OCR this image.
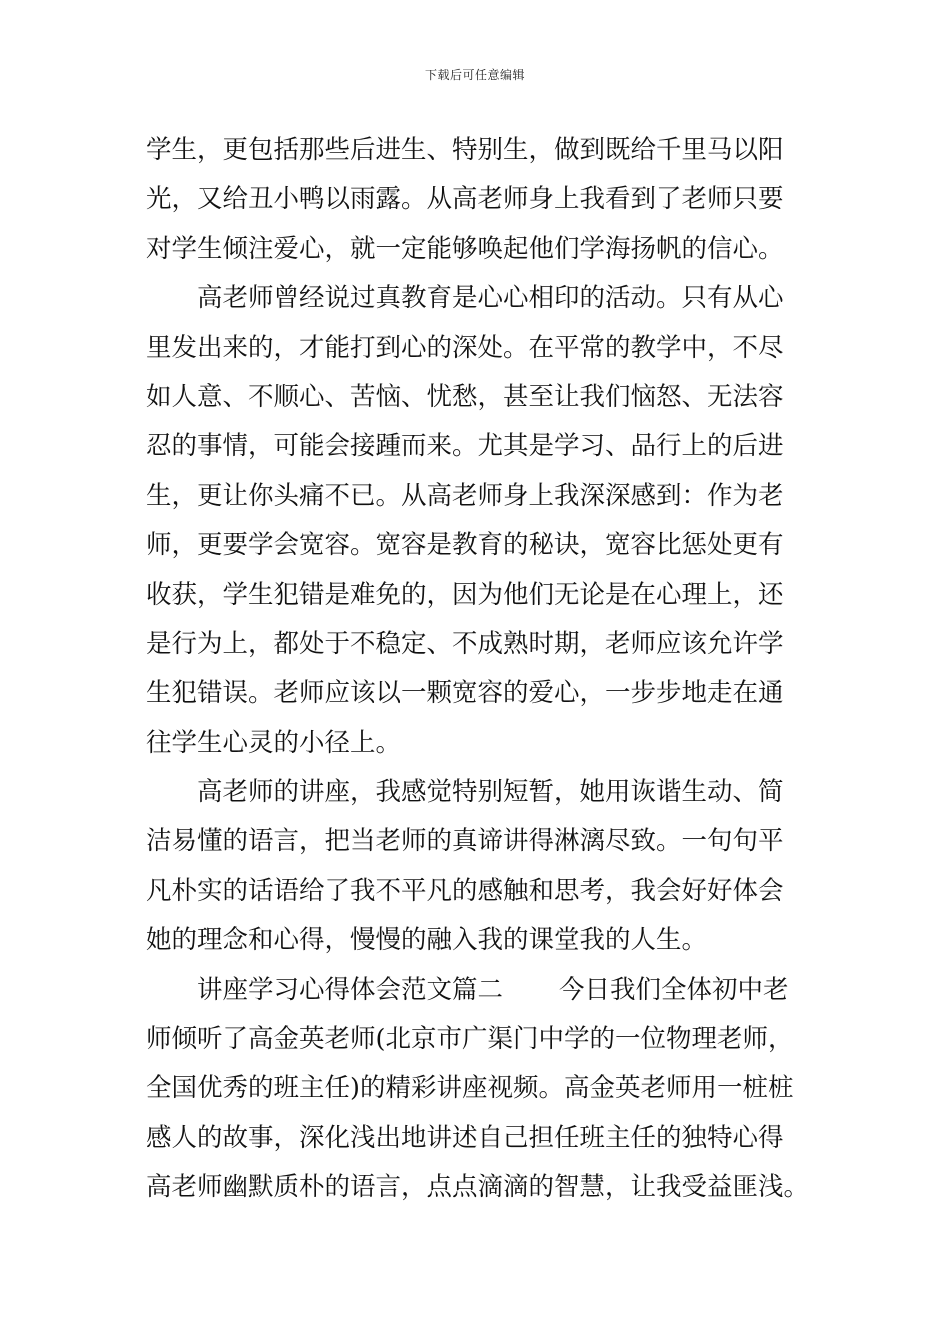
下载后可任意编辑
学生，更包括那些后进生、特别生，做到既给千里马以阳
光，又给丑小鸭以雨露。从高老师身上我看到了老师只要
对学生倾注爱心，就一定能够唤起他们学海扬帆的信心。
高老师曾经说过真教育是心心相印的活动。只有从心
里发出来的，才能打到心的深处。在平常的教学中，不尽
如人意、不顺心、苦恼、忧愁，甚至让我们恼怒、无法容
忍的事情，可能会接踵而来。尤其是学习、品行上的后进
生，更让你头痛不已。从高老师身上我深深感到：作为老
师，更要学会宽容。宽容是教育的秘诀，宽容比惩处更有
收获，学生犯错是难免的，因为他们无论是在心理上，还
是行为上，都处于不稳定、不成熟时期，老师应该允许学
生犯错误。老师应该以一颗宽容的爱心，一步步地走在通
往学生心灵的小径上。
高老师的讲座，我感觉特别短暂，她用诙谐生动、简
洁易懂的语言，把当老师的真谛讲得淋漓尽致。一句句平
凡朴实的话语给了我不平凡的感触和思考，我会好好体会
她的理念和心得，慢慢的融入我的课堂我的人生。
讲座学习心得体会范文篇二 今日我们全体初中老
师倾听了高金英老师(北京市广渠门中学的一位物理老师，
全国优秀的班主任)的精彩讲座视频。高金英老师用一桩桩
感人的故事，深化浅出地讲述自己担任班主任的独特心得
高老师幽默质朴的语言，点点滴滴的智慧，让我受益匪浅。
